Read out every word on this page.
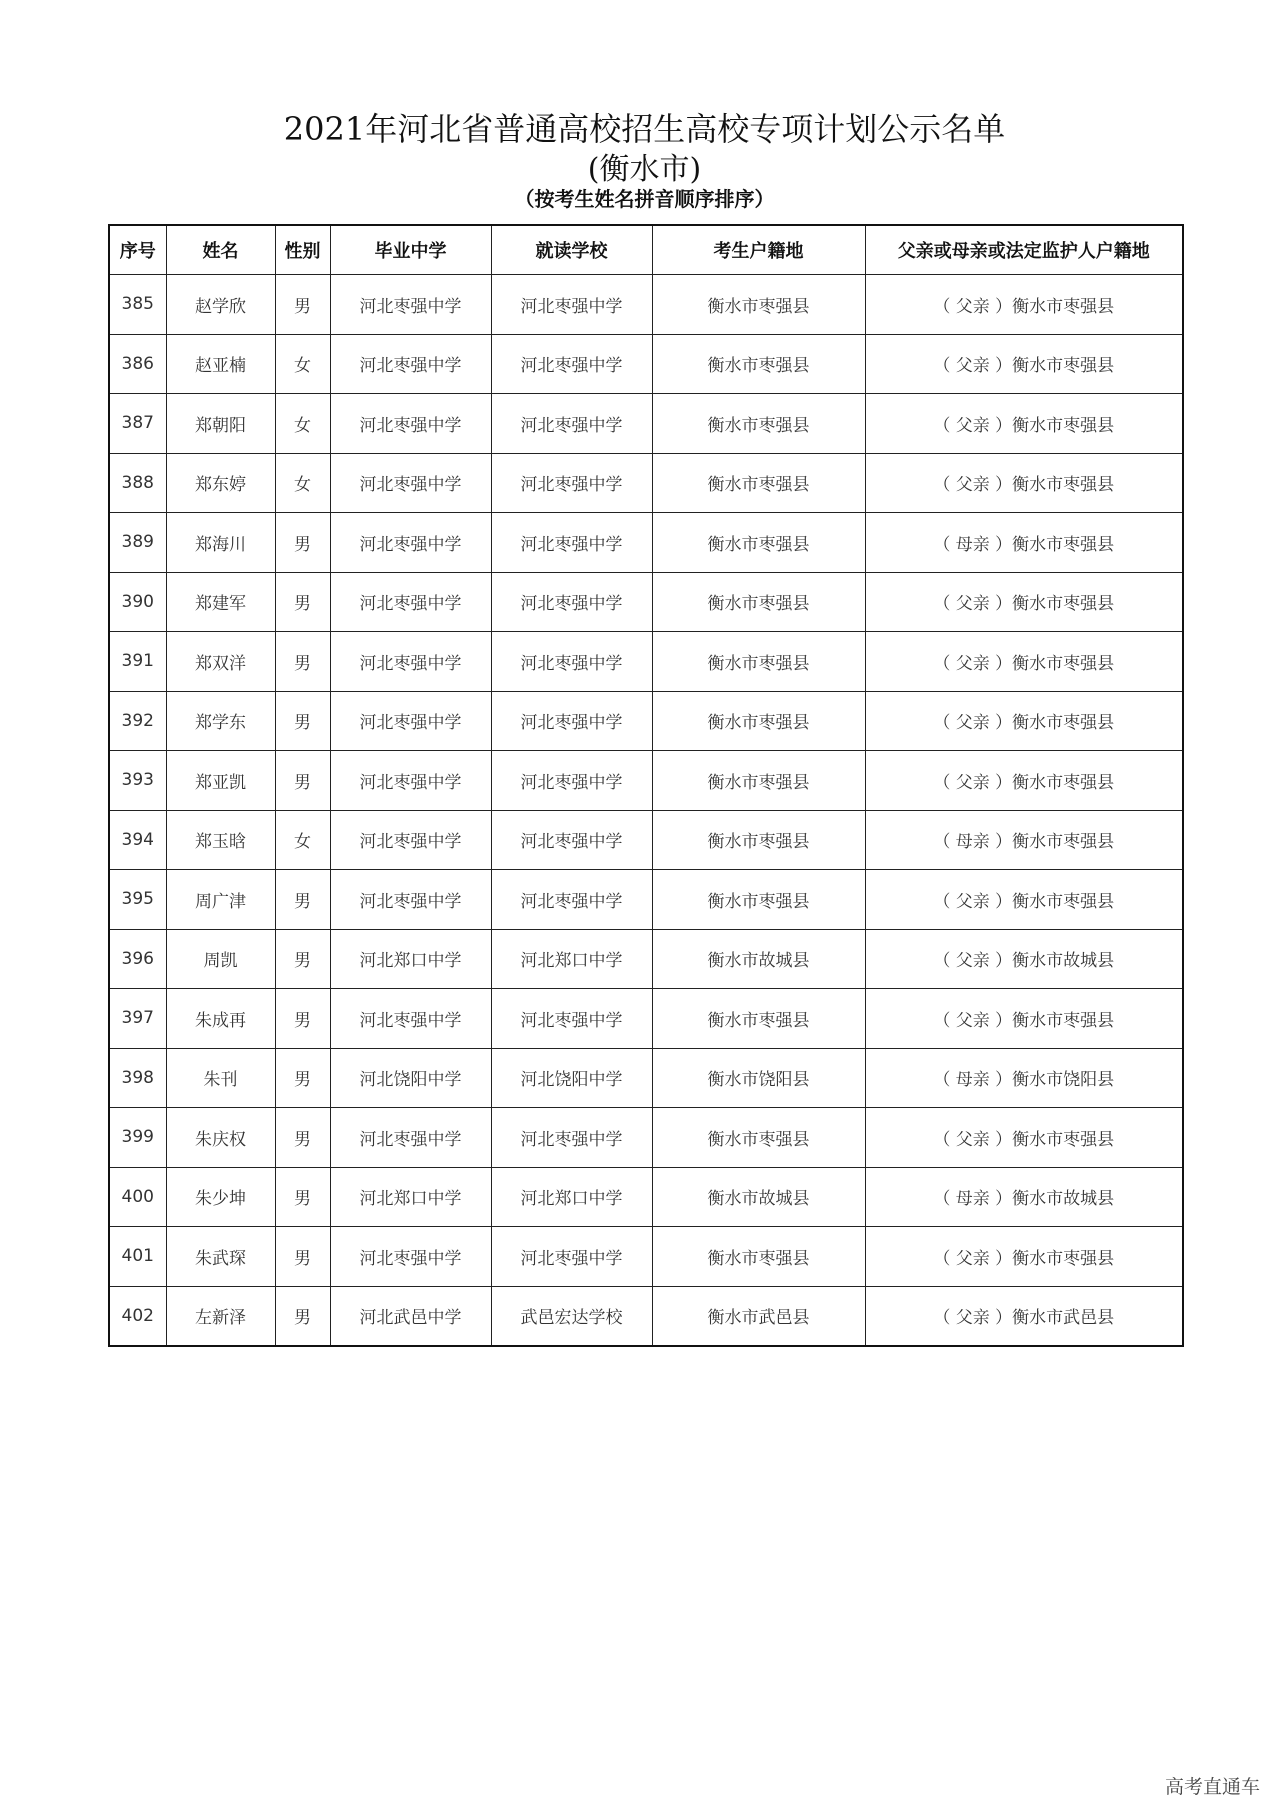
2021年河北省普通高校招生高校专项计划公示名单
(衡水市)
（按考生姓名拼音顺序排序）
序号	姓名	性别	毕业中学	就读学校	考生户籍地	父亲或母亲或法定监护人户籍地
385	赵学欣	男	河北枣强中学	河北枣强中学	衡水市枣强县	（ 父亲 ）衡水市枣强县
386	赵亚楠	女	河北枣强中学	河北枣强中学	衡水市枣强县	（ 父亲 ）衡水市枣强县
387	郑朝阳	女	河北枣强中学	河北枣强中学	衡水市枣强县	（ 父亲 ）衡水市枣强县
388	郑东婷	女	河北枣强中学	河北枣强中学	衡水市枣强县	（ 父亲 ）衡水市枣强县
389	郑海川	男	河北枣强中学	河北枣强中学	衡水市枣强县	（ 母亲 ）衡水市枣强县
390	郑建军	男	河北枣强中学	河北枣强中学	衡水市枣强县	（ 父亲 ）衡水市枣强县
391	郑双洋	男	河北枣强中学	河北枣强中学	衡水市枣强县	（ 父亲 ）衡水市枣强县
392	郑学东	男	河北枣强中学	河北枣强中学	衡水市枣强县	（ 父亲 ）衡水市枣强县
393	郑亚凯	男	河北枣强中学	河北枣强中学	衡水市枣强县	（ 父亲 ）衡水市枣强县
394	郑玉晗	女	河北枣强中学	河北枣强中学	衡水市枣强县	（ 母亲 ）衡水市枣强县
395	周广津	男	河北枣强中学	河北枣强中学	衡水市枣强县	（ 父亲 ）衡水市枣强县
396	周凯	男	河北郑口中学	河北郑口中学	衡水市故城县	（ 父亲 ）衡水市故城县
397	朱成再	男	河北枣强中学	河北枣强中学	衡水市枣强县	（ 父亲 ）衡水市枣强县
398	朱刊	男	河北饶阳中学	河北饶阳中学	衡水市饶阳县	（ 母亲 ）衡水市饶阳县
399	朱庆权	男	河北枣强中学	河北枣强中学	衡水市枣强县	（ 父亲 ）衡水市枣强县
400	朱少坤	男	河北郑口中学	河北郑口中学	衡水市故城县	（ 母亲 ）衡水市故城县
401	朱武琛	男	河北枣强中学	河北枣强中学	衡水市枣强县	（ 父亲 ）衡水市枣强县
402	左新泽	男	河北武邑中学	武邑宏达学校	衡水市武邑县	（ 父亲 ）衡水市武邑县
高考直通车
